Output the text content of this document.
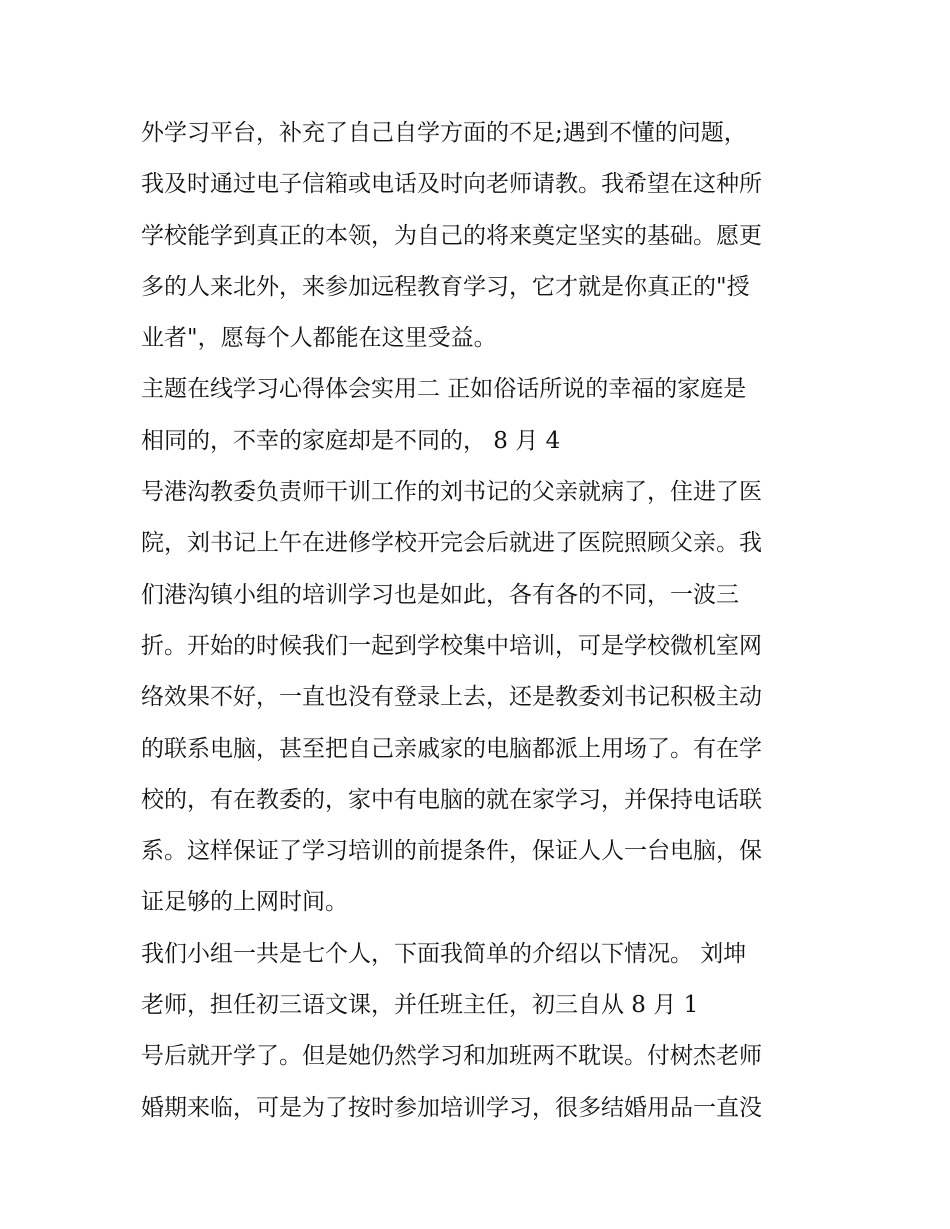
外学习平台，补充了自己自学方面的不足;遇到不懂的问题，
我及时通过电子信箱或电话及时向老师请教。我希望在这种所
学校能学到真正的本领，为自己的将来奠定坚实的基础。愿更
多的人来北外，来参加远程教育学习，它才就是你真正的"授
业者"，愿每个人都能在这里受益。
主题在线学习心得体会实用二 正如俗话所说的幸福的家庭是
相同的，不幸的家庭却是不同的， 8 月 4
号港沟教委负责师干训工作的刘书记的父亲就病了，住进了医
院，刘书记上午在进修学校开完会后就进了医院照顾父亲。我
们港沟镇小组的培训学习也是如此，各有各的不同，一波三
折。开始的时候我们一起到学校集中培训，可是学校微机室网
络效果不好，一直也没有登录上去，还是教委刘书记积极主动
的联系电脑，甚至把自己亲戚家的电脑都派上用场了。有在学
校的，有在教委的，家中有电脑的就在家学习，并保持电话联
系。这样保证了学习培训的前提条件，保证人人一台电脑，保
证足够的上网时间。
我们小组一共是七个人，下面我简单的介绍以下情况。 刘坤
老师，担任初三语文课，并任班主任，初三自从 8 月 1
号后就开学了。但是她仍然学习和加班两不耽误。付树杰老师
婚期来临，可是为了按时参加培训学习，很多结婚用品一直没
